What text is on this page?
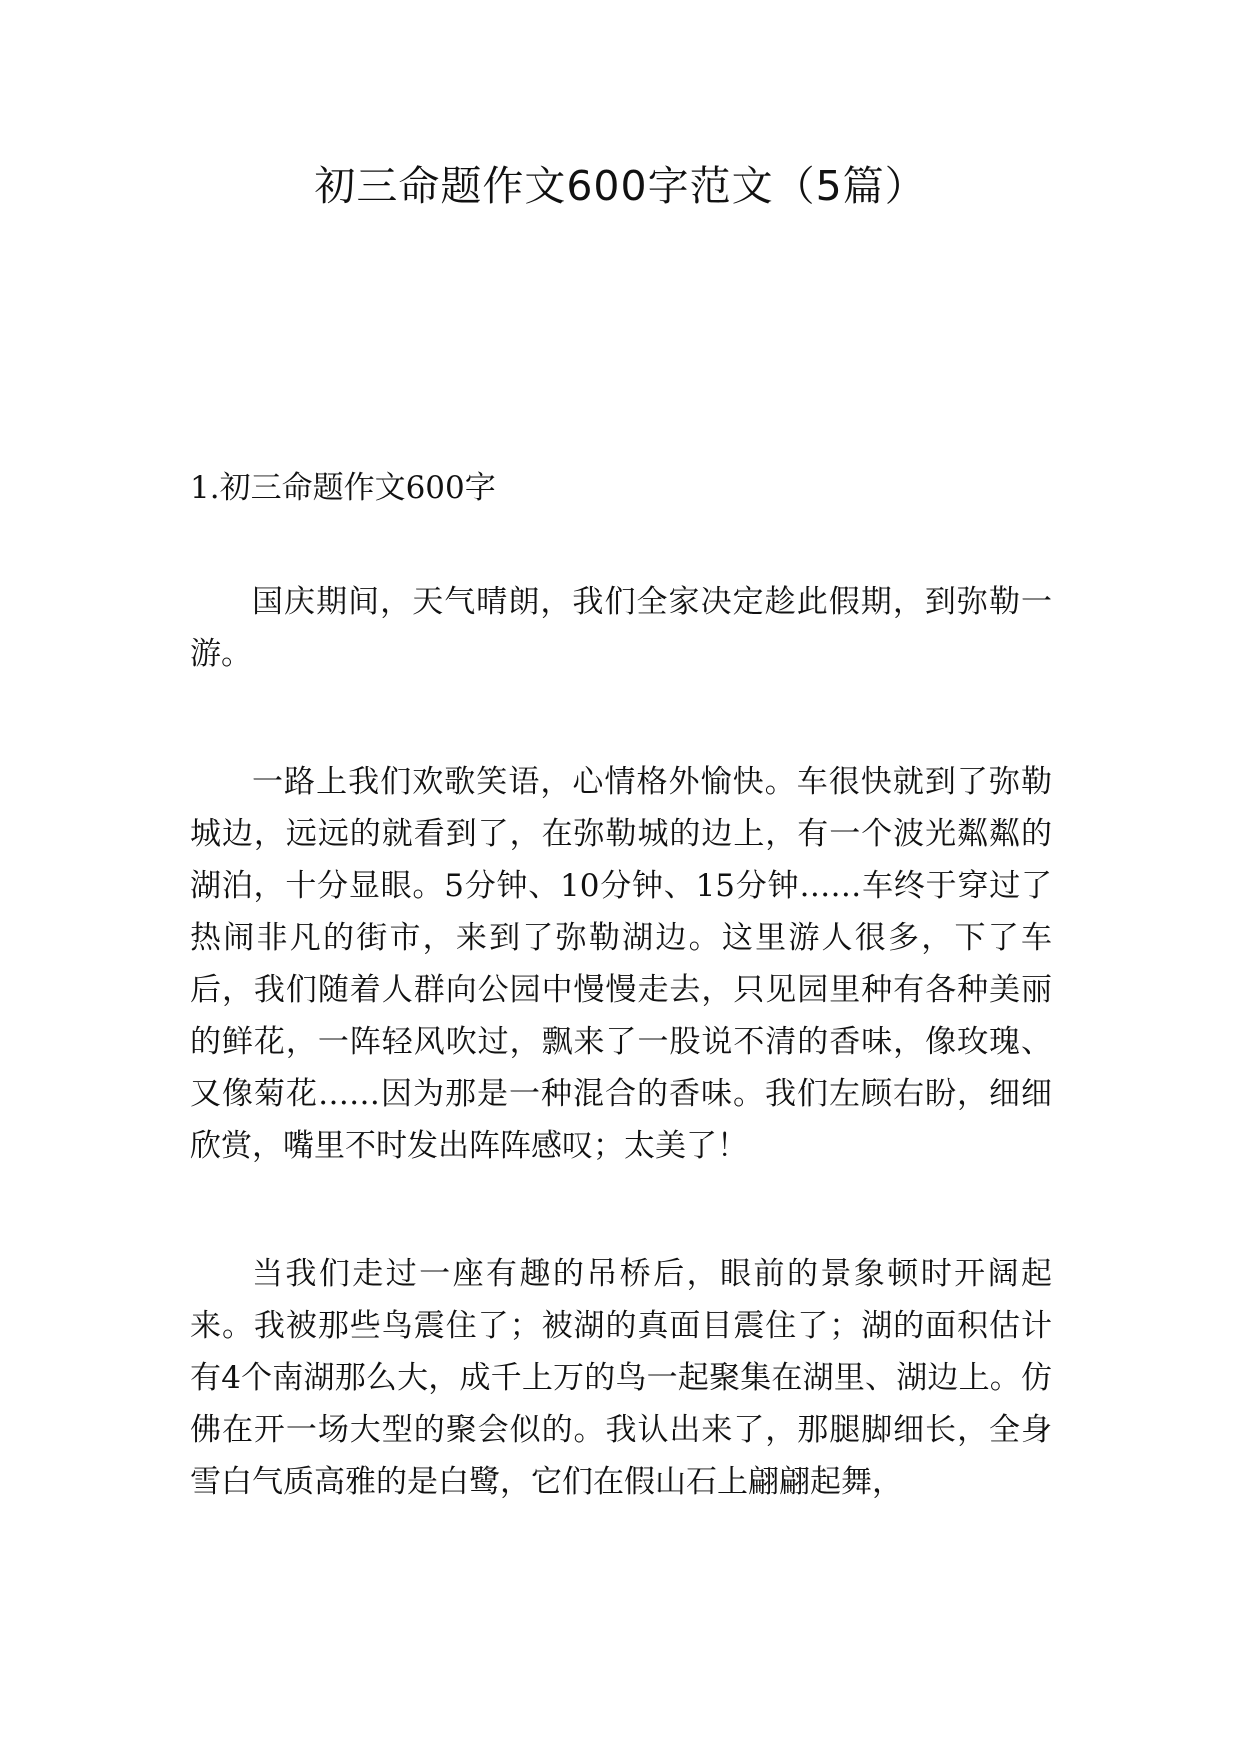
初三命题作文600字范文（5篇）

1.初三命题作文600字

国庆期间，天气晴朗，我们全家决定趁此假期，到弥勒一游。

一路上我们欢歌笑语，心情格外愉快。车很快就到了弥勒城边，远远的就看到了，在弥勒城的边上，有一个波光粼粼的湖泊，十分显眼。5分钟、10分钟、15分钟……车终于穿过了热闹非凡的街市，来到了弥勒湖边。这里游人很多，下了车后，我们随着人群向公园中慢慢走去，只见园里种有各种美丽的鲜花，一阵轻风吹过，飘来了一股说不清的香味，像玫瑰、又像菊花……因为那是一种混合的香味。我们左顾右盼，细细欣赏，嘴里不时发出阵阵感叹；太美了！

当我们走过一座有趣的吊桥后，眼前的景象顿时开阔起来。我被那些鸟震住了；被湖的真面目震住了；湖的面积估计有4个南湖那么大，成千上万的鸟一起聚集在湖里、湖边上。仿佛在开一场大型的聚会似的。我认出来了，那腿脚细长，全身雪白气质高雅的是白鹭，它们在假山石上翩翩起舞，
